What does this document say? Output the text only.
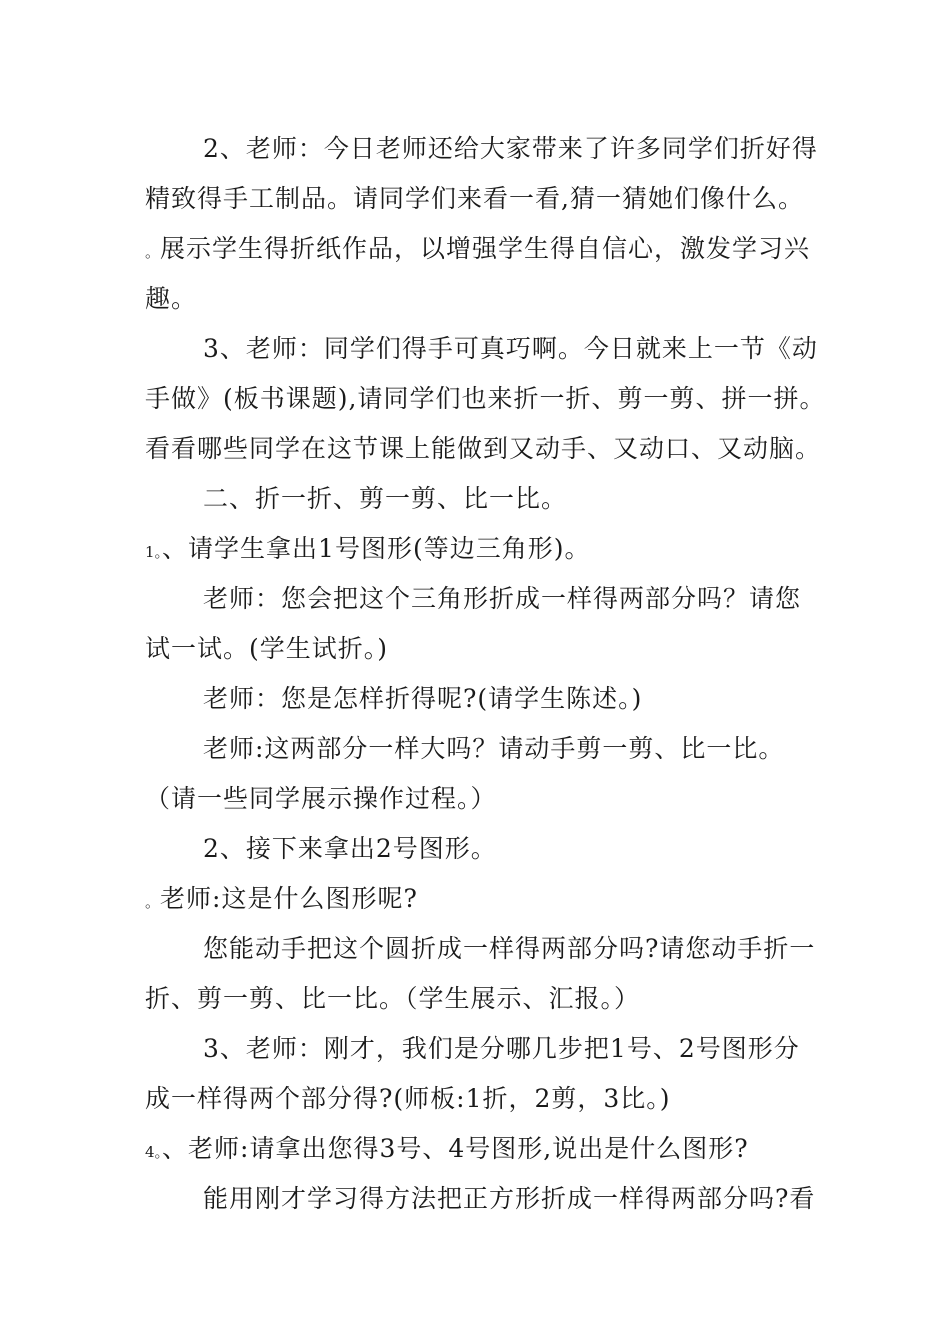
2、老师：今日老师还给大家带来了许多同学们折好得
精致得手工制品。请同学们来看一看,猜一猜她们像什么。
。展示学生得折纸作品，以增强学生得自信心，激发学习兴
趣。
3、老师：同学们得手可真巧啊。今日就来上一节《动
手做》(板书课题),请同学们也来折一折、剪一剪、拼一拼。
看看哪些同学在这节课上能做到又动手、又动口、又动脑。
二、折一折、剪一剪、比一比。
1。、请学生拿出1号图形(等边三角形)。
老师：您会把这个三角形折成一样得两部分吗？请您
试一试。(学生试折。)
老师：您是怎样折得呢?(请学生陈述。)
老师:这两部分一样大吗？请动手剪一剪、比一比。
（请一些同学展示操作过程。）
2、接下来拿出2号图形。
。老师:这是什么图形呢?
您能动手把这个圆折成一样得两部分吗?请您动手折一
折、剪一剪、比一比。（学生展示、汇报。）
3、老师：刚才，我们是分哪几步把1号、2号图形分
成一样得两个部分得?(师板:1折，2剪，3比。)
4。、老师:请拿出您得3号、4号图形,说出是什么图形?
能用刚才学习得方法把正方形折成一样得两部分吗?看
